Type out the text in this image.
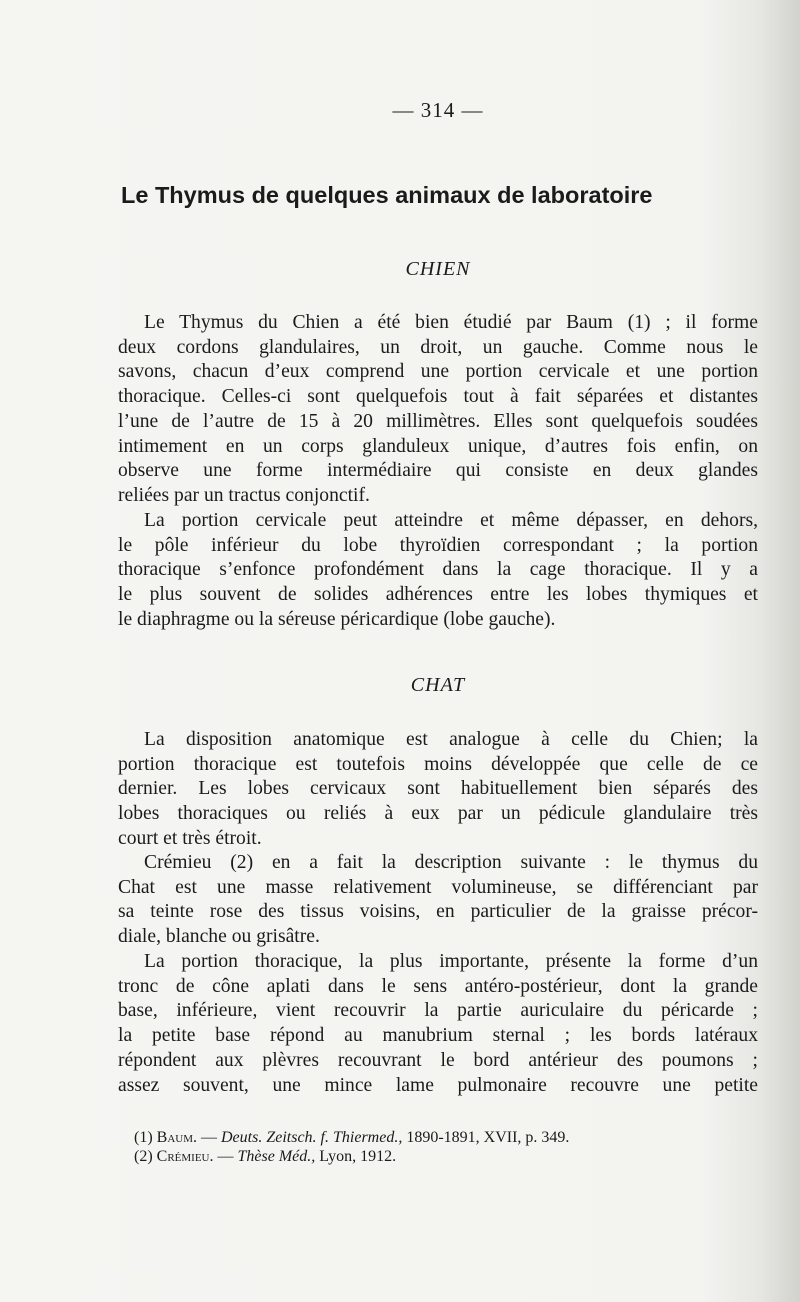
— 314 —
Le Thymus de quelques animaux de laboratoire
CHIEN
Le Thymus du Chien a été bien étudié par Baum (1) ; il forme
deux cordons glandulaires, un droit, un gauche. Comme nous le
savons, chacun d’eux comprend une portion cervicale et une portion
thoracique. Celles-ci sont quelquefois tout à fait séparées et distantes
l’une de l’autre de 15 à 20 millimètres. Elles sont quelquefois soudées
intimement en un corps glanduleux unique, d’autres fois enfin, on
observe une forme intermédiaire qui consiste en deux glandes
reliées par un tractus conjonctif.
La portion cervicale peut atteindre et même dépasser, en dehors,
le pôle inférieur du lobe thyroïdien correspondant ; la portion
thoracique s’enfonce profondément dans la cage thoracique. Il y a
le plus souvent de solides adhérences entre les lobes thymiques et
le diaphragme ou la séreuse péricardique (lobe gauche).
CHAT
La disposition anatomique est analogue à celle du Chien; la
portion thoracique est toutefois moins développée que celle de ce
dernier. Les lobes cervicaux sont habituellement bien séparés des
lobes thoraciques ou reliés à eux par un pédicule glandulaire très
court et très étroit.
Crémieu (2) en a fait la description suivante : le thymus du
Chat est une masse relativement volumineuse, se différenciant par
sa teinte rose des tissus voisins, en particulier de la graisse précor-
diale, blanche ou grisâtre.
La portion thoracique, la plus importante, présente la forme d’un
tronc de cône aplati dans le sens antéro-postérieur, dont la grande
base, inférieure, vient recouvrir la partie auriculaire du péricarde ;
la petite base répond au manubrium sternal ; les bords latéraux
répondent aux plèvres recouvrant le bord antérieur des poumons ;
assez souvent, une mince lame pulmonaire recouvre une petite
(1) Baum. — Deuts. Zeitsch. f. Thiermed., 1890-1891, XVII, p. 349.
(2) Crémieu. — Thèse Méd., Lyon, 1912.
